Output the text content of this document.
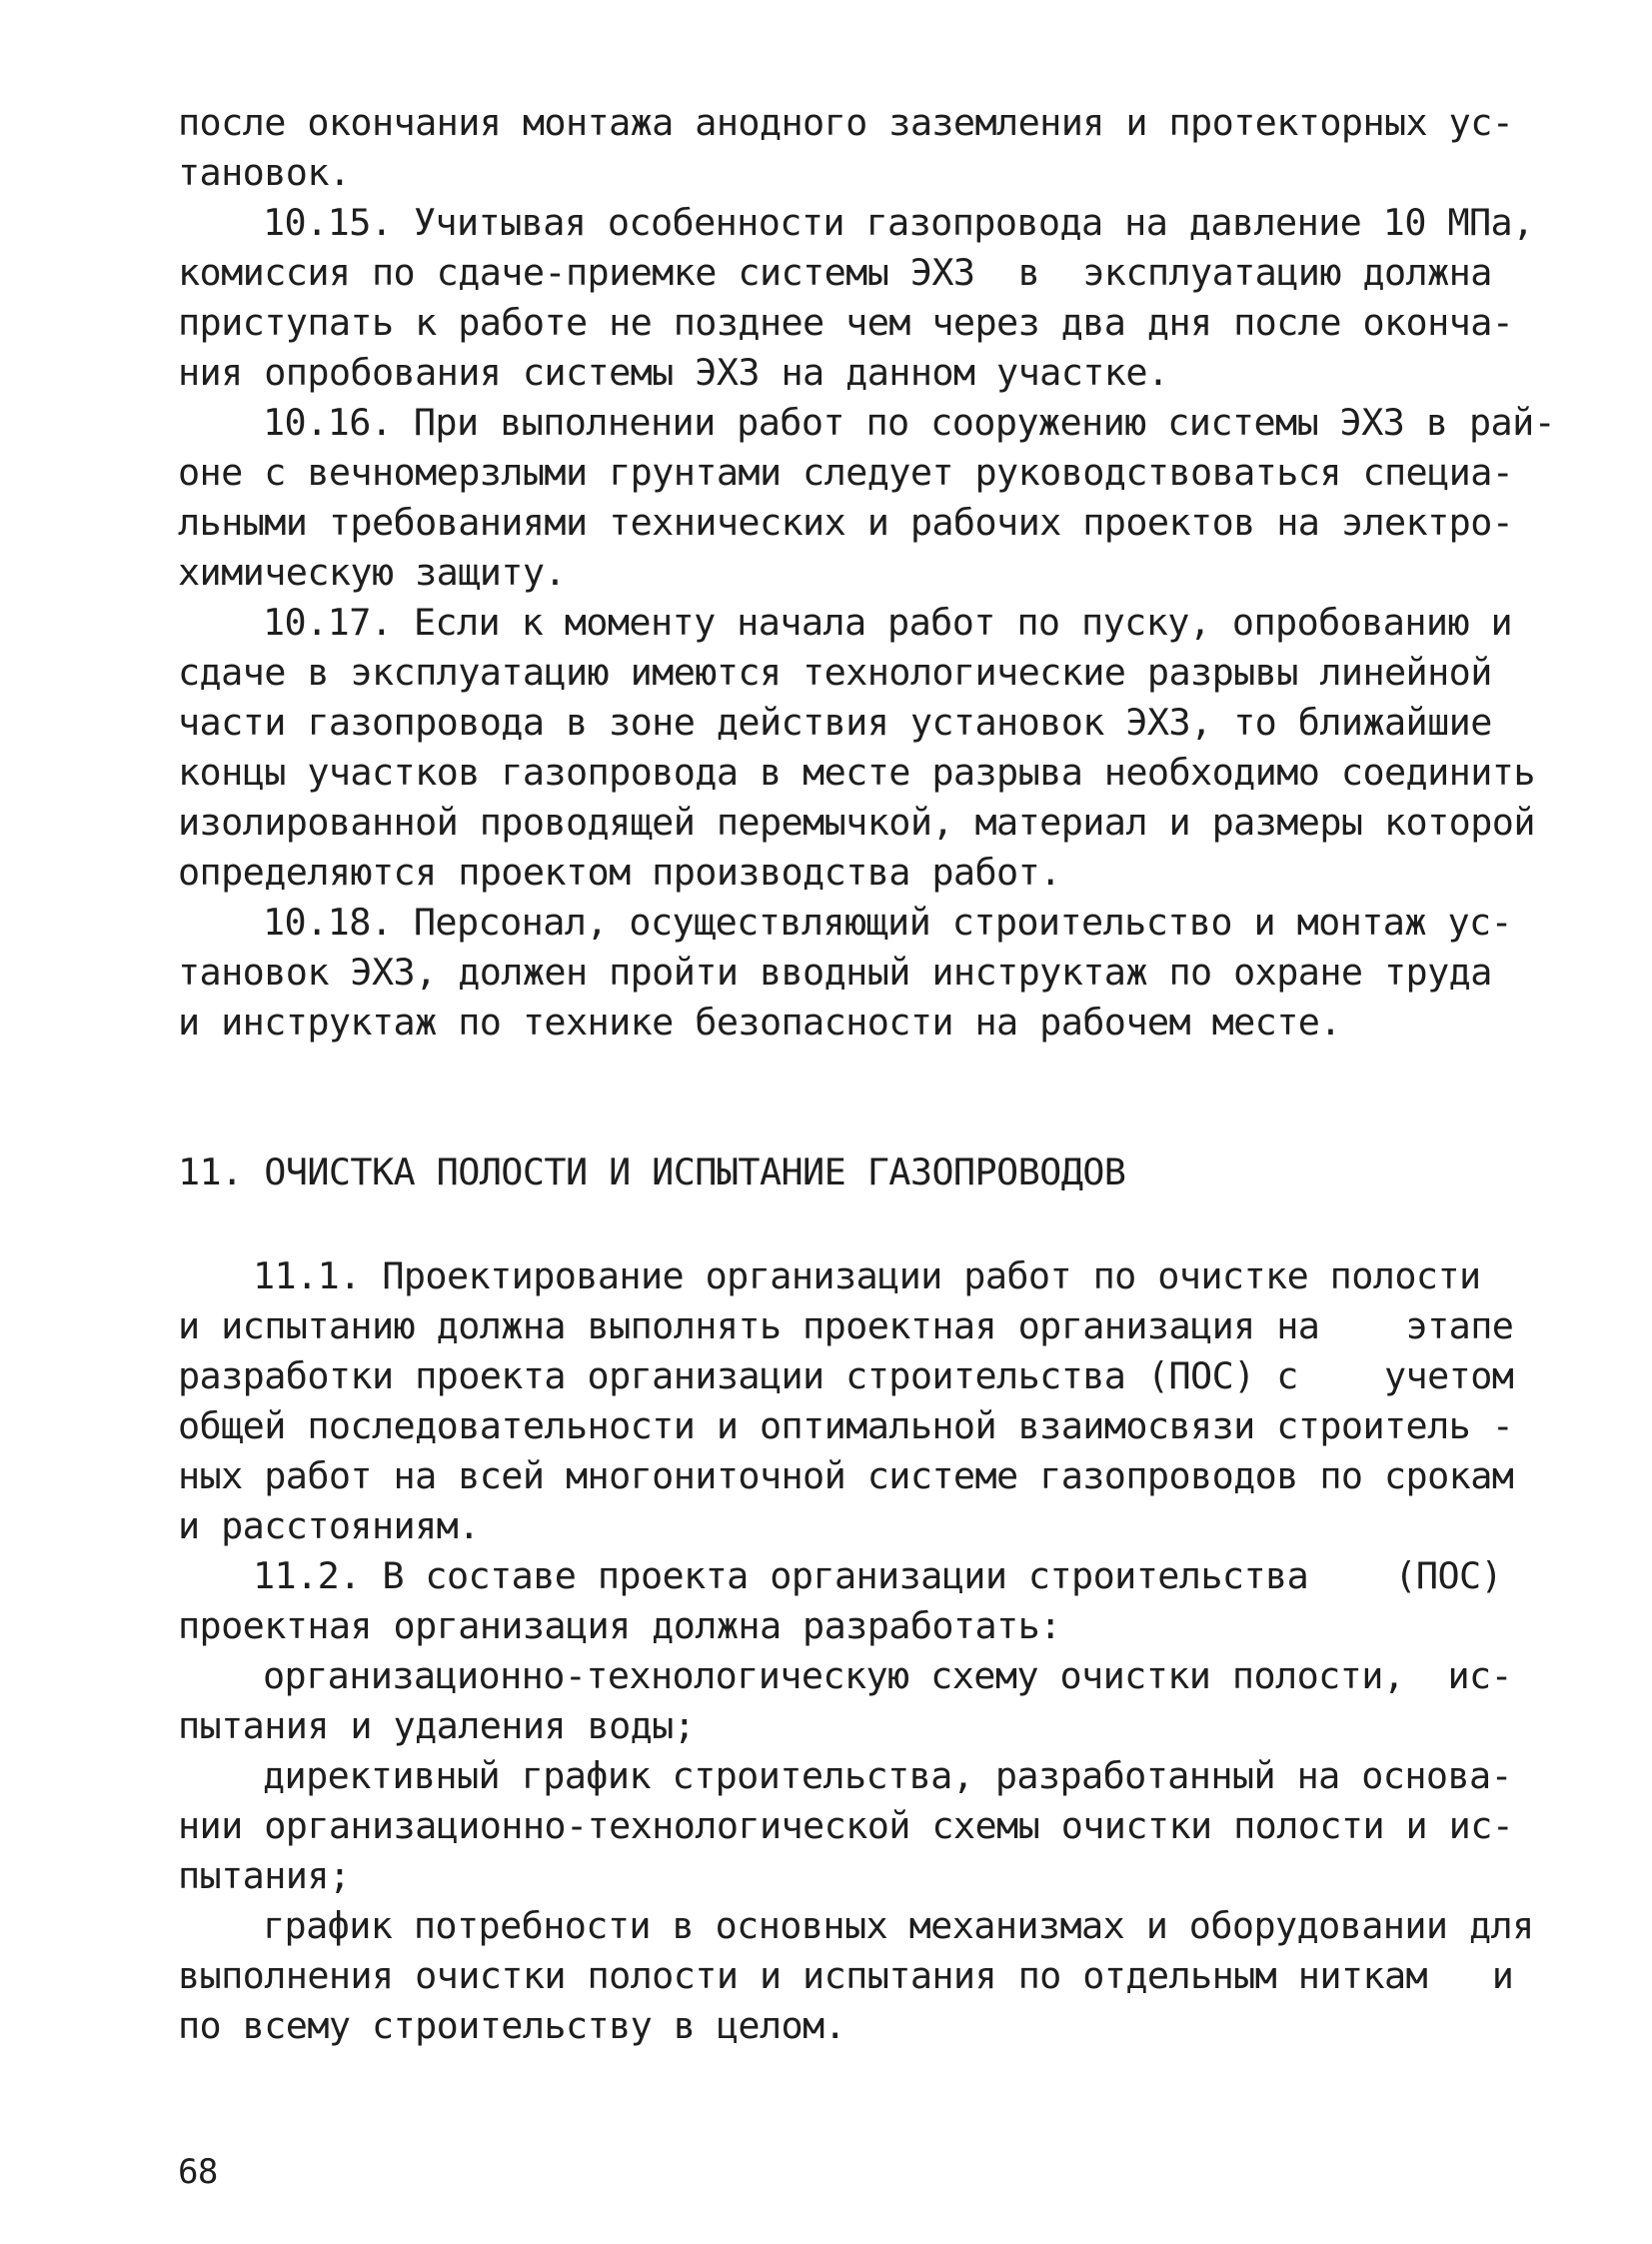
после окончания монтажа анодного заземления и протекторных ус-
тановок.
10.15. Учитывая особенности газопровода на давление 10 МПа,
комиссия по сдаче-приемке системы ЭХЗ  в  эксплуатацию должна
приступать к работе не позднее чем через два дня после оконча-
ния опробования системы ЭХЗ на данном участке.
10.16. При выполнении работ по сооружению системы ЭХЗ в рай-
оне с вечномерзлыми грунтами следует руководствоваться специа-
льными требованиями технических и рабочих проектов на электро-
химическую защиту.
10.17. Если к моменту начала работ по пуску, опробованию и
сдаче в эксплуатацию имеются технологические разрывы линейной
части газопровода в зоне действия установок ЭХЗ, то ближайшие
концы участков газопровода в месте разрыва необходимо соединить
изолированной проводящей перемычкой, материал и размеры которой
определяются проектом производства работ.
10.18. Персонал, осуществляющий строительство и монтаж ус-
тановок ЭХЗ, должен пройти вводный инструктаж по охране труда
и инструктаж по технике безопасности на рабочем месте.
11. ОЧИСТКА ПОЛОСТИ И ИСПЫТАНИЕ ГАЗОПРОВОДОВ
11.1. Проектирование организации работ по очистке полости
и испытанию должна выполнять проектная организация на    этапе
разработки проекта организации строительства (ПОС) с    учетом
общей последовательности и оптимальной взаимосвязи строитель -
ных работ на всей многониточной системе газопроводов по срокам
и расстояниям.
11.2. В составе проекта организации строительства    (ПОС)
проектная организация должна разработать:
организационно-технологическую схему очистки полости,  ис-
пытания и удаления воды;
директивный график строительства, разработанный на основа-
нии организационно-технологической схемы очистки полости и ис-
пытания;
график потребности в основных механизмах и оборудовании для
выполнения очистки полости и испытания по отдельным ниткам   и
по всему строительству в целом.
68
